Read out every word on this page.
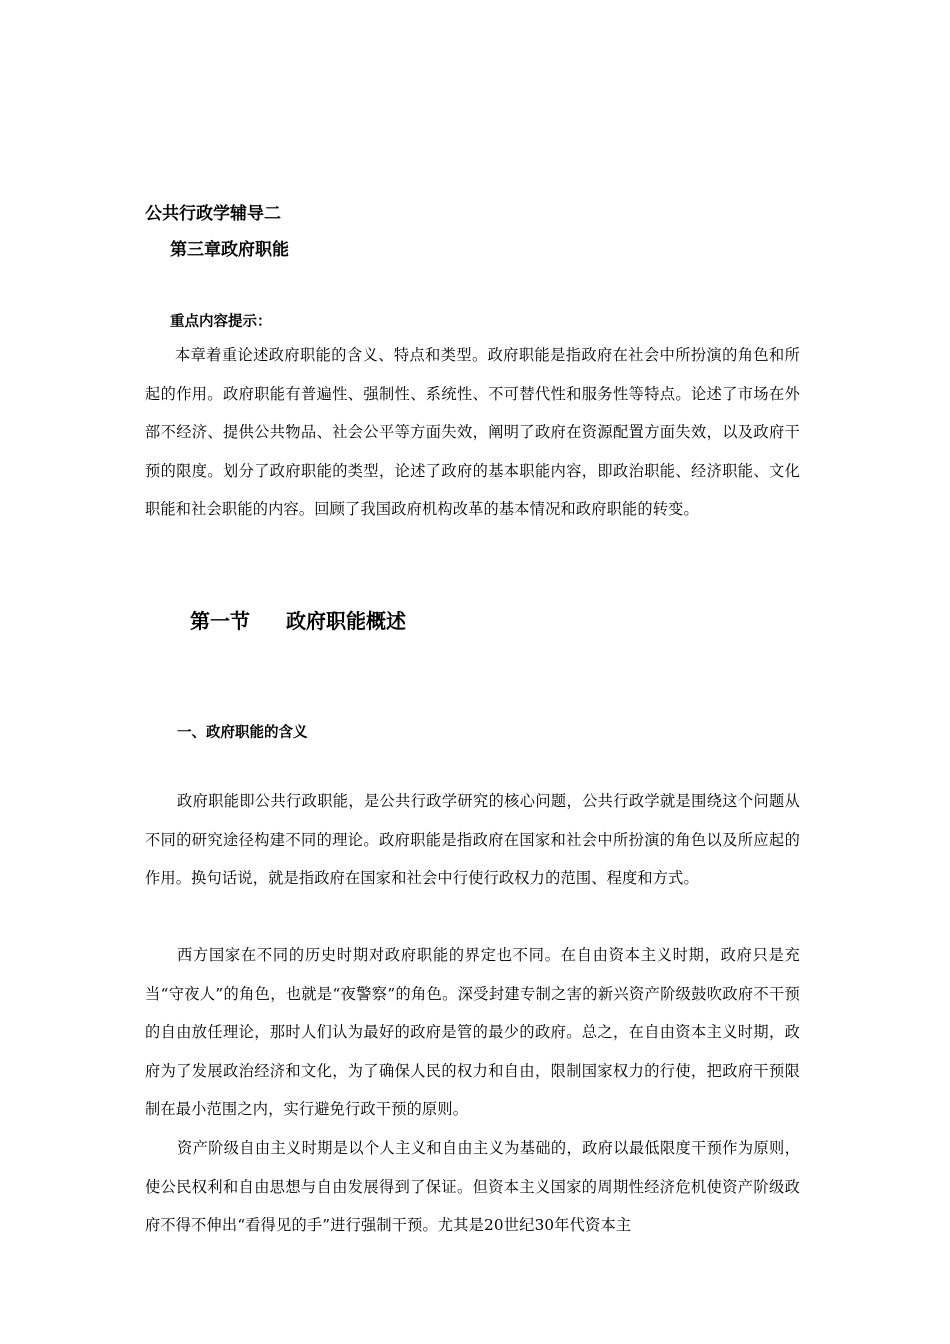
公共行政学辅导二
第三章政府职能
重点内容提示：

本章着重论述政府职能的含义、特点和类型。政府职能是指政府在社会中所扮演的角色和所起的作用。政府职能有普遍性、强制性、系统性、不可替代性和服务性等特点。论述了市场在外部不经济、提供公共物品、社会公平等方面失效，阐明了政府在资源配置方面失效，以及政府干预的限度。划分了政府职能的类型，论述了政府的基本职能内容，即政治职能、经济职能、文化职能和社会职能的内容。回顾了我国政府机构改革的基本情况和政府职能的转变。

第一节 政府职能概述
一、政府职能的含义

政府职能即公共行政职能，是公共行政学研究的核心问题，公共行政学就是围绕这个问题从不同的研究途径构建不同的理论。政府职能是指政府在国家和社会中所扮演的角色以及所应起的作用。换句话说，就是指政府在国家和社会中行使行政权力的范围、程度和方式。

西方国家在不同的历史时期对政府职能的界定也不同。在自由资本主义时期，政府只是充当“守夜人”的角色，也就是“夜警察”的角色。深受封建专制之害的新兴资产阶级鼓吹政府不干预的自由放任理论，那时人们认为最好的政府是管的最少的政府。总之，在自由资本主义时期，政府为了发展政治经济和文化，为了确保人民的权力和自由，限制国家权力的行使，把政府干预限制在最小范围之内，实行避免行政干预的原则。

资产阶级自由主义时期是以个人主义和自由主义为基础的，政府以最低限度干预作为原则，使公民权利和自由思想与自由发展得到了保证。但资本主义国家的周期性经济危机使资产阶级政府不得不伸出“看得见的手”进行强制干预。尤其是20世纪30年代资本主
